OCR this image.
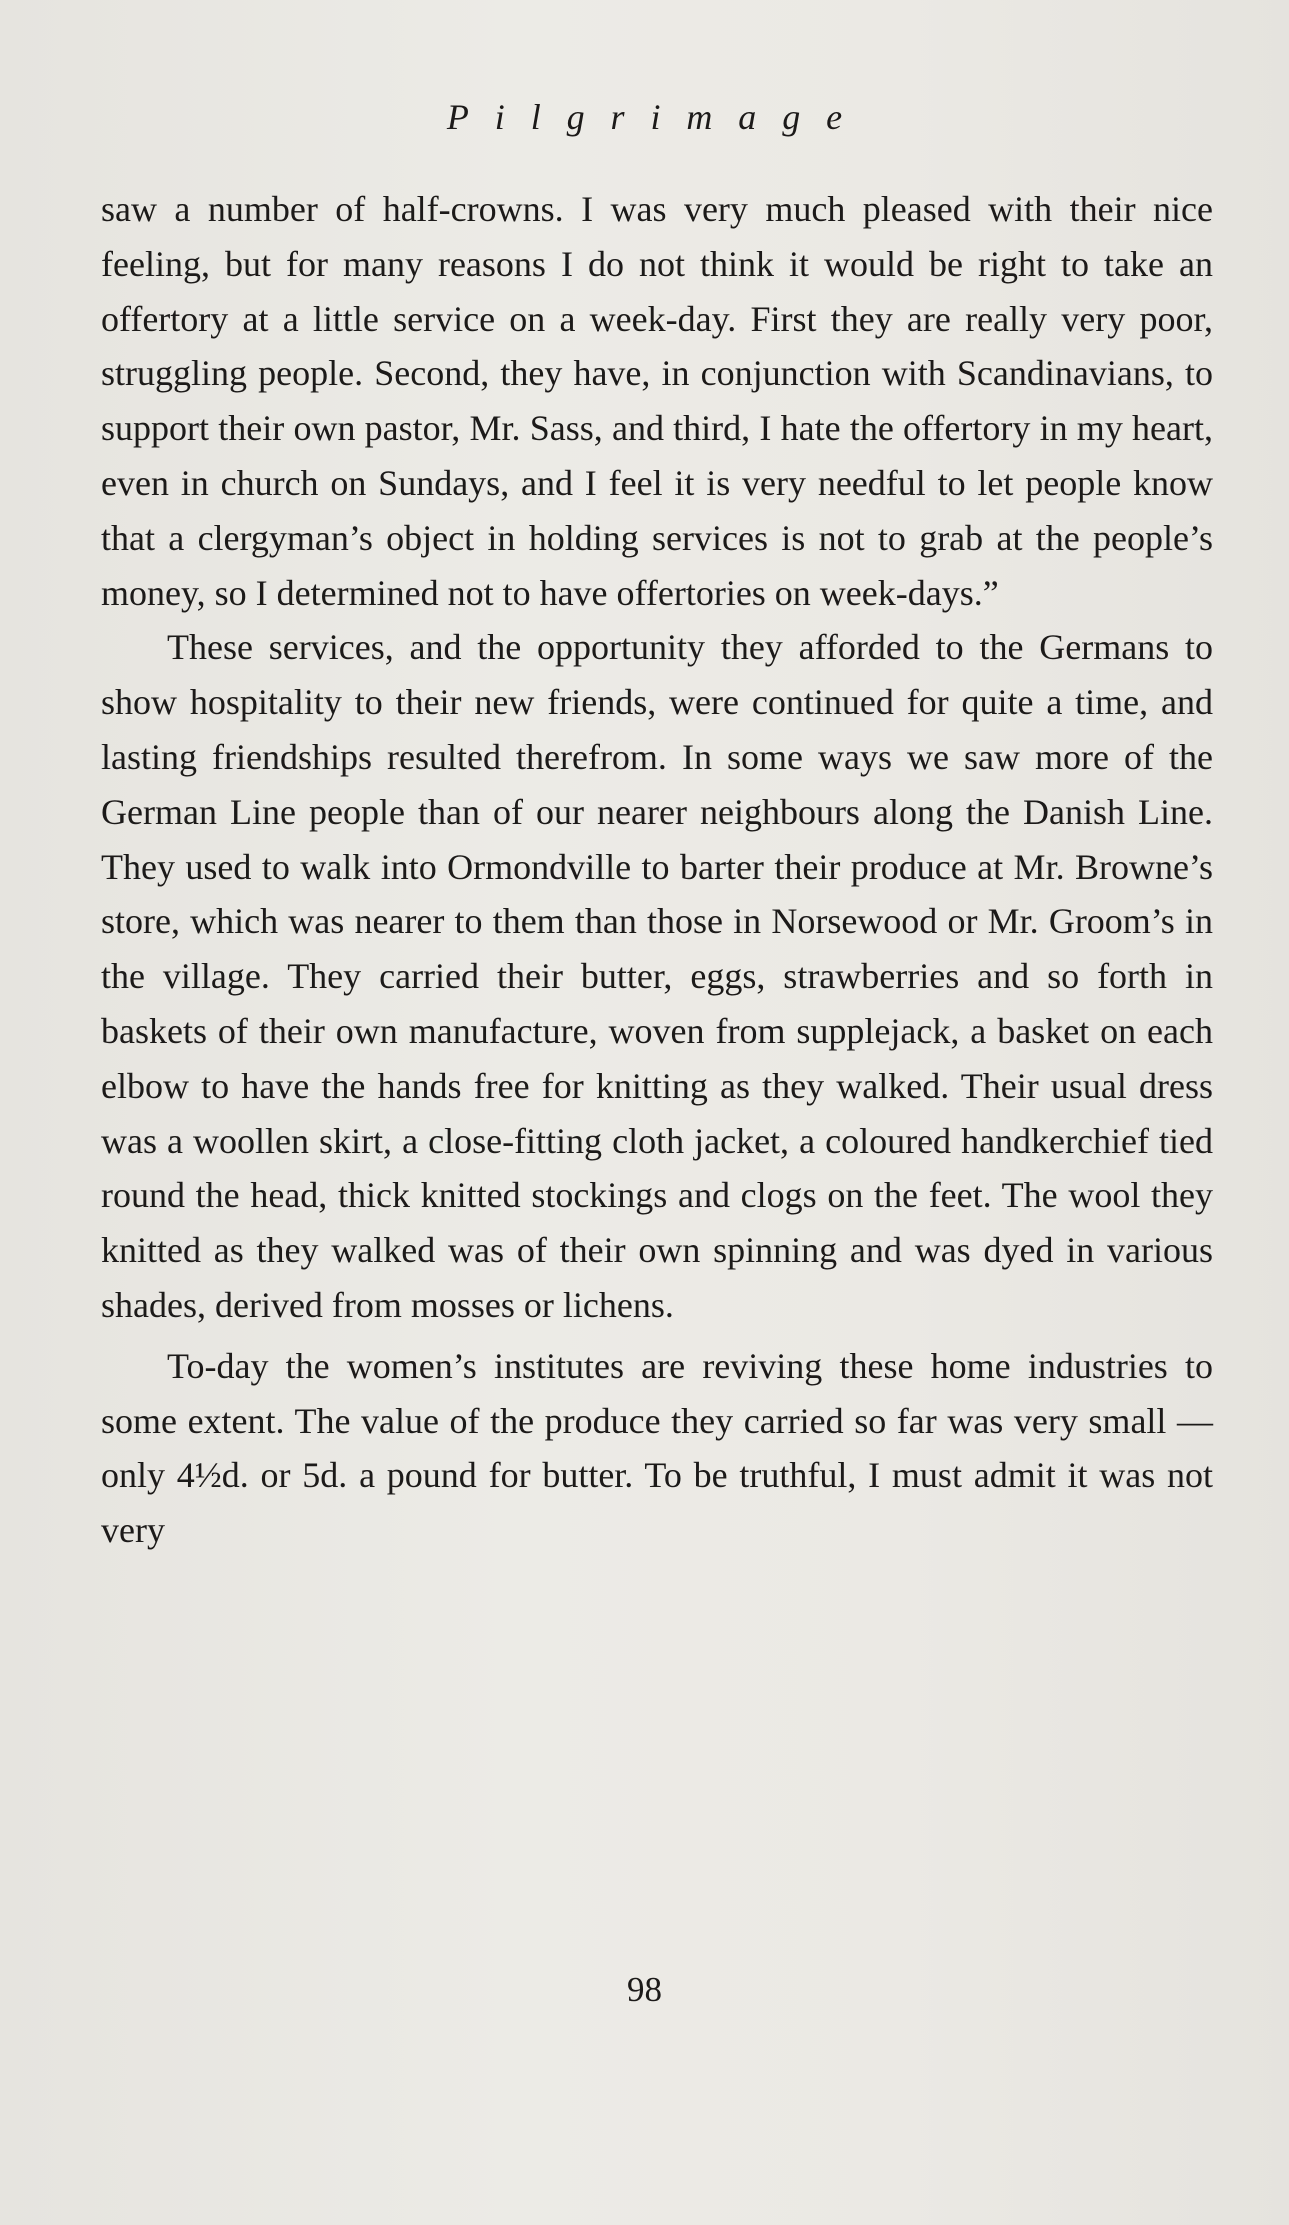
Pilgrimage

saw a number of half-crowns. I was very much pleased with their nice feeling, but for many reasons I do not think it would be right to take an offertory at a little service on a week-day. First they are really very poor, struggling people. Second, they have, in conjunction with Scandinavians, to support their own pastor, Mr. Sass, and third, I hate the offertory in my heart, even in church on Sundays, and I feel it is very needful to let people know that a clergyman’s object in holding services is not to grab at the people’s money, so I determined not to have offertories on week-days.”

These services, and the opportunity they afforded to the Germans to show hospitality to their new friends, were continued for quite a time, and lasting friendships resulted therefrom. In some ways we saw more of the German Line people than of our nearer neighbours along the Danish Line. They used to walk into Ormondville to barter their produce at Mr. Browne’s store, which was nearer to them than those in Norsewood or Mr. Groom’s in the village. They carried their butter, eggs, strawberries and so forth in baskets of their own manufacture, woven from supplejack, a basket on each elbow to have the hands free for knitting as they walked. Their usual dress was a woollen skirt, a close-fitting cloth jacket, a coloured handkerchief tied round the head, thick knitted stockings and clogs on the feet. The wool they knitted as they walked was of their own spinning and was dyed in various shades, derived from mosses or lichens.

To-day the women’s institutes are reviving these home industries to some extent. The value of the produce they carried so far was very small — only 4½d. or 5d. a pound for butter. To be truthful, I must admit it was not very

98
